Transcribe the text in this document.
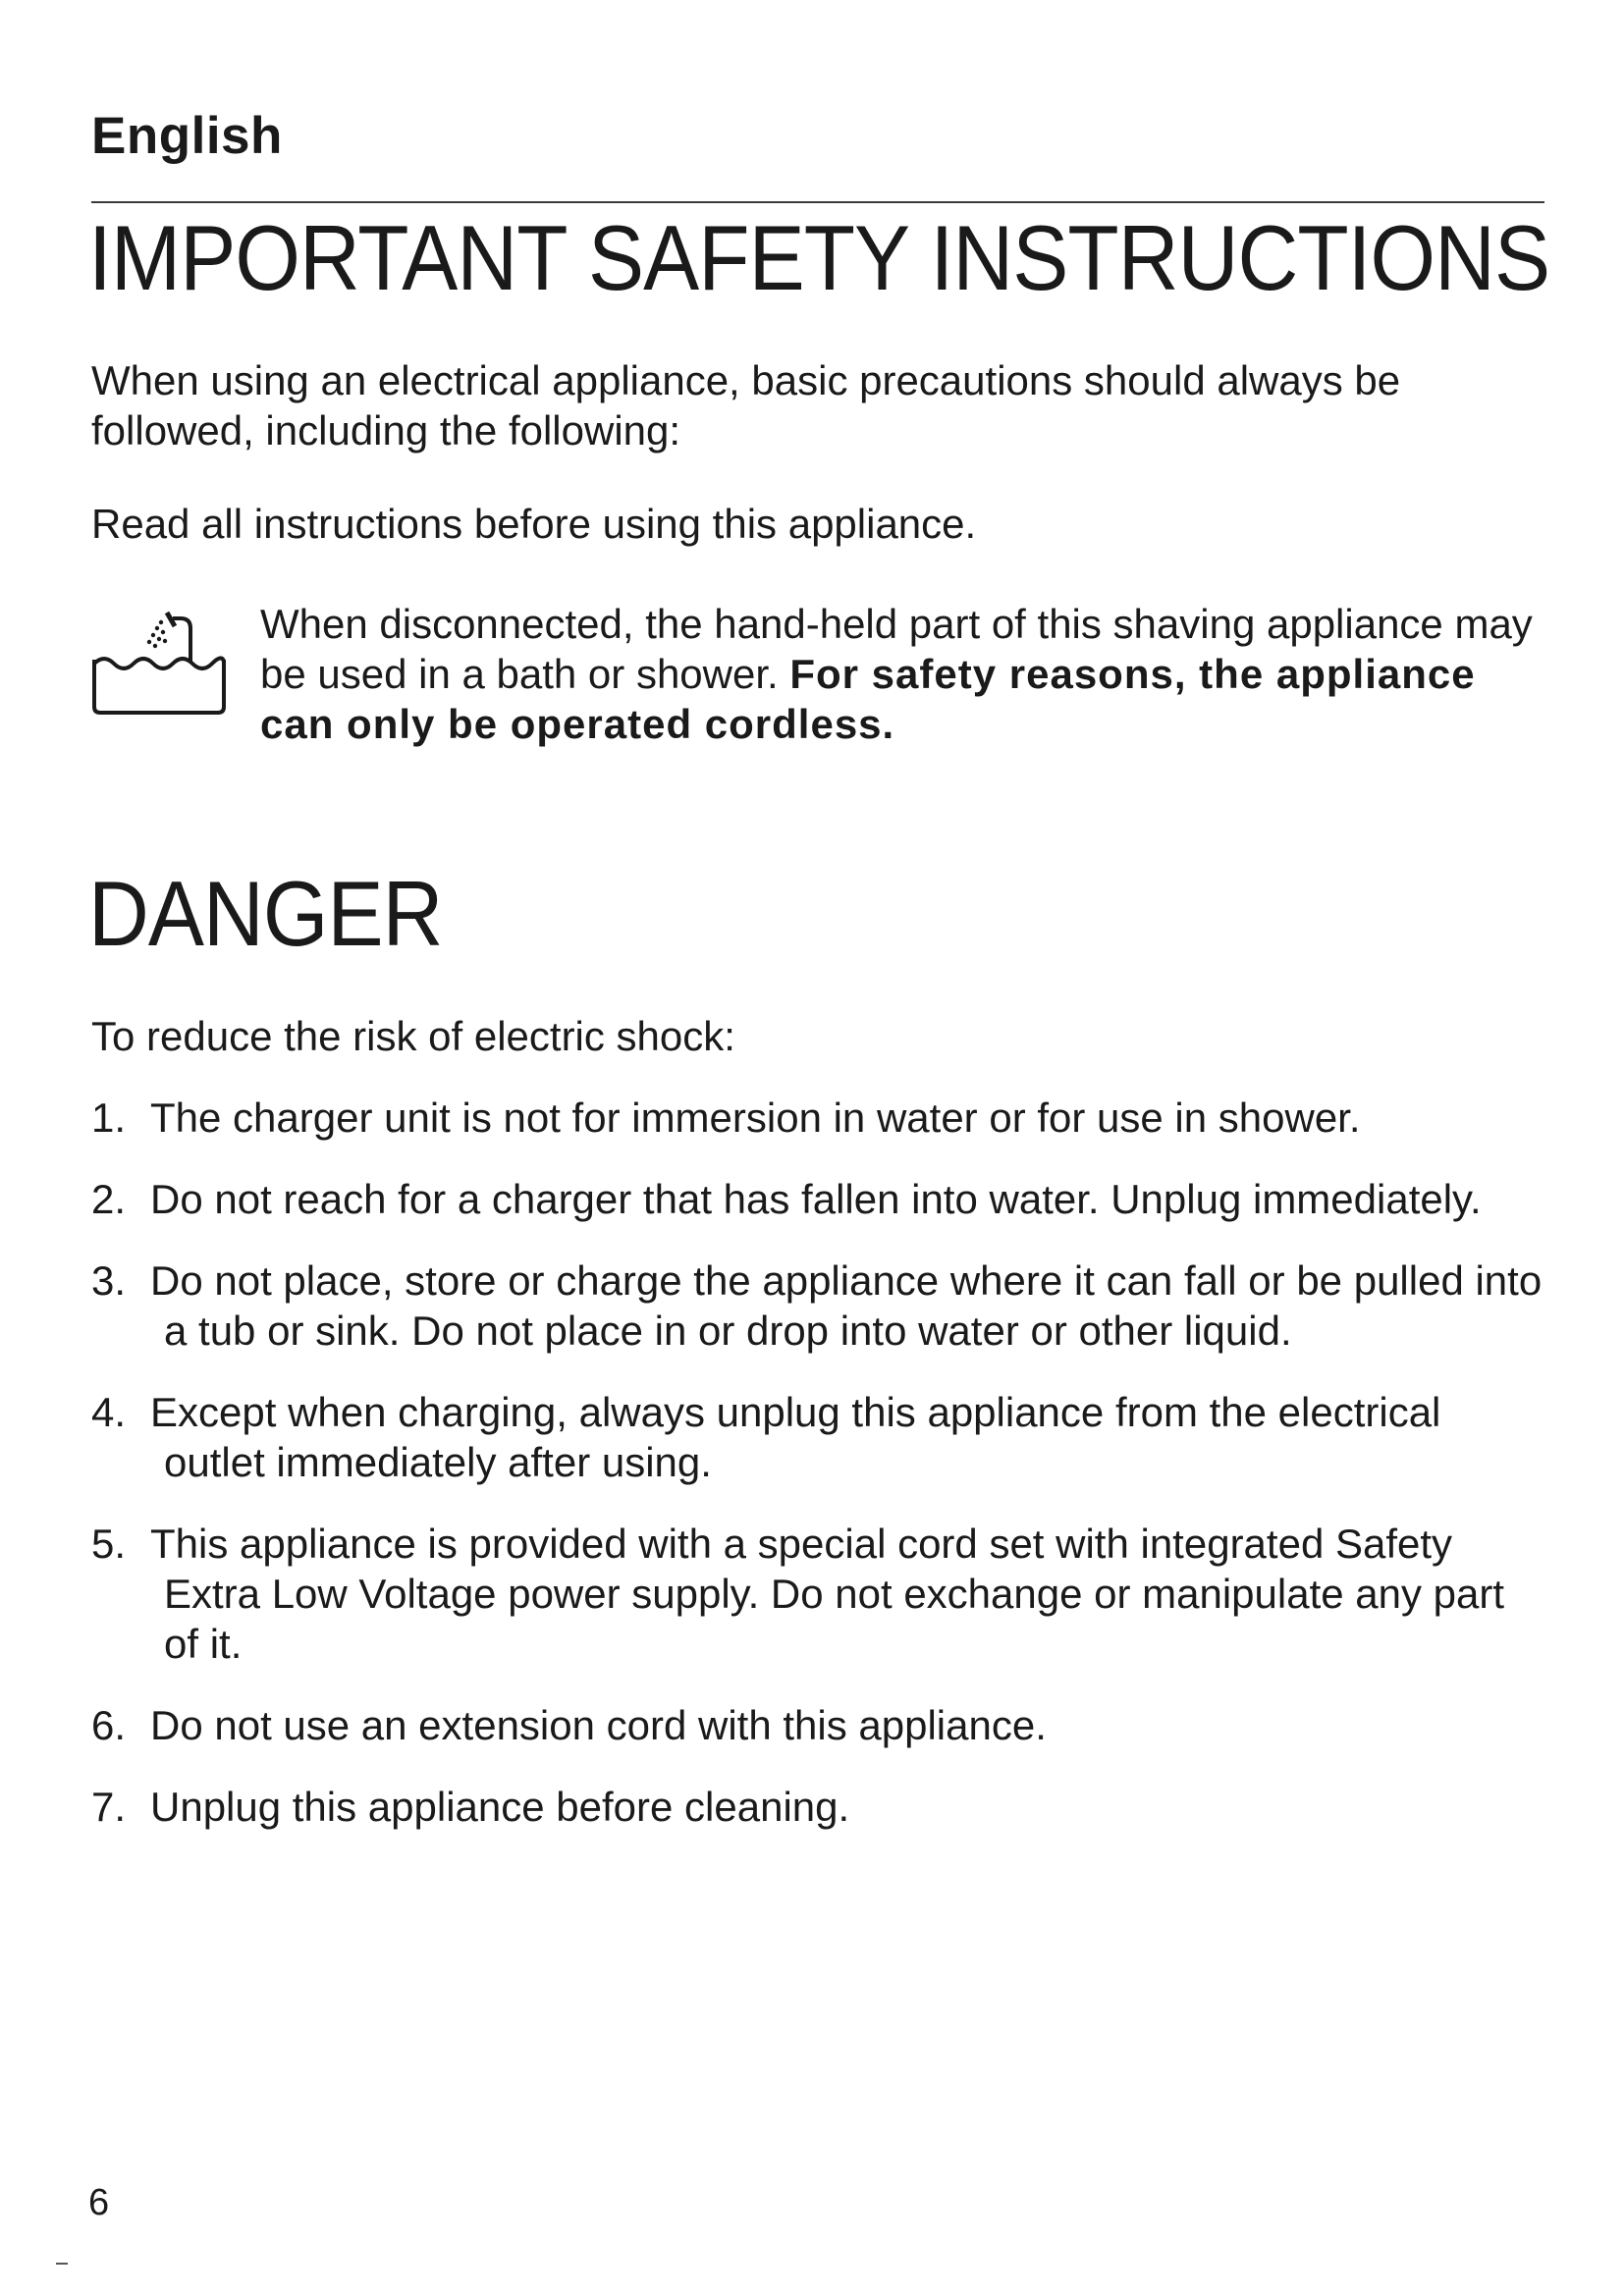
English
IMPORTANT SAFETY INSTRUCTIONS
When using an electrical appliance, basic precautions should always be followed, including the following:
Read all instructions before using this appliance.
When disconnected, the hand-held part of this shaving appliance may be used in a bath or shower. For safety reasons, the appliance can only be operated cordless.
DANGER
To reduce the risk of electric shock:
1. The charger unit is not for immersion in water or for use in shower.
2. Do not reach for a charger that has fallen into water. Unplug immediately.
3. Do not place, store or charge the appliance where it can fall or be pulled into a tub or sink. Do not place in or drop into water or other liquid.
4. Except when charging, always unplug this appliance from the electrical outlet immediately after using.
5. This appliance is provided with a special cord set with integrated Safety Extra Low Voltage power supply. Do not exchange or manipulate any part of it.
6. Do not use an extension cord with this appliance.
7. Unplug this appliance before cleaning.
6
